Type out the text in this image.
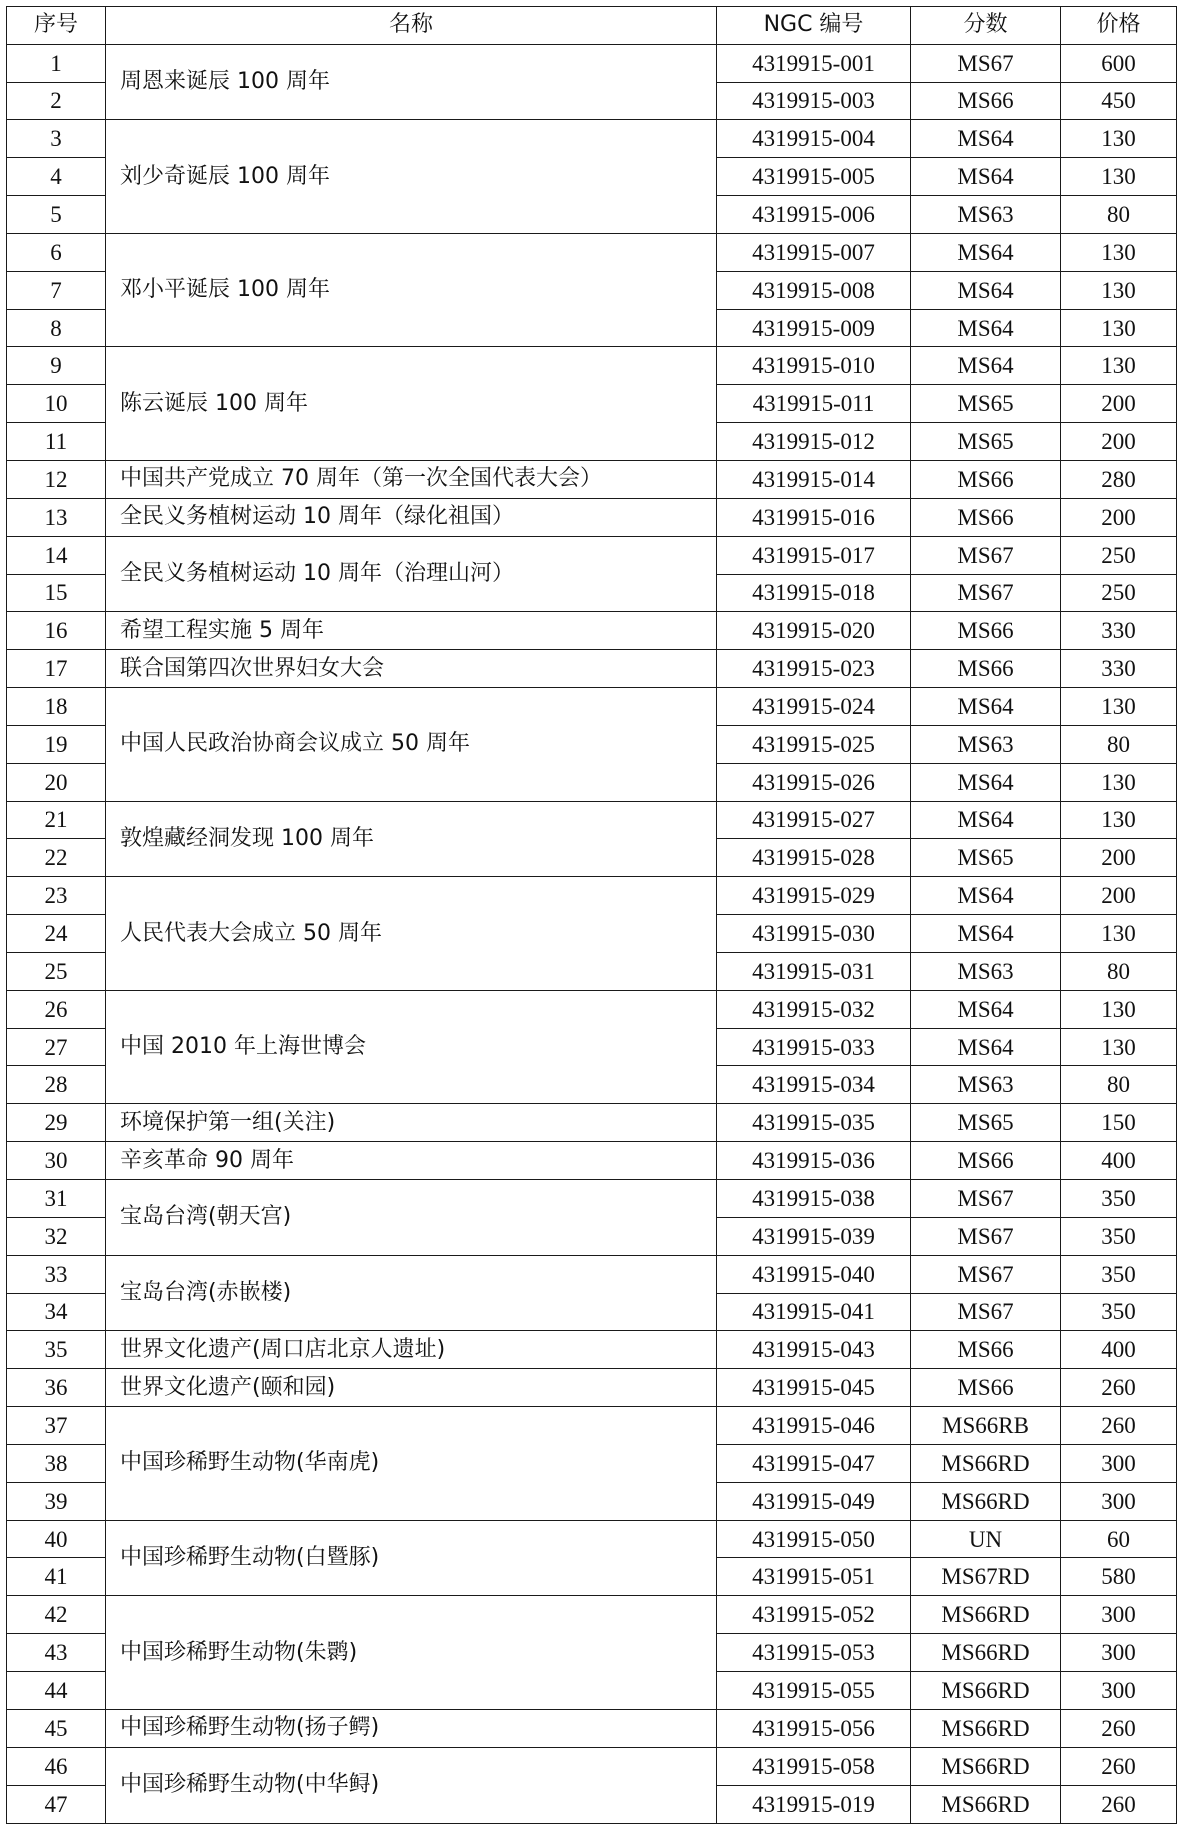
序号	名称	NGC 编号	分数	价格
1	周恩来诞辰 100 周年	4319915-001	MS67	600
2		4319915-003	MS66	450
3	刘少奇诞辰 100 周年	4319915-004	MS64	130
4		4319915-005	MS64	130
5		4319915-006	MS63	80
6	邓小平诞辰 100 周年	4319915-007	MS64	130
7		4319915-008	MS64	130
8		4319915-009	MS64	130
9	陈云诞辰 100 周年	4319915-010	MS64	130
10		4319915-011	MS65	200
11		4319915-012	MS65	200
12	中国共产党成立 70 周年（第一次全国代表大会）	4319915-014	MS66	280
13	全民义务植树运动 10 周年（绿化祖国）	4319915-016	MS66	200
14	全民义务植树运动 10 周年（治理山河）	4319915-017	MS67	250
15		4319915-018	MS67	250
16	希望工程实施 5 周年	4319915-020	MS66	330
17	联合国第四次世界妇女大会	4319915-023	MS66	330
18	中国人民政治协商会议成立 50 周年	4319915-024	MS64	130
19		4319915-025	MS63	80
20		4319915-026	MS64	130
21	敦煌藏经洞发现 100 周年	4319915-027	MS64	130
22		4319915-028	MS65	200
23	人民代表大会成立 50 周年	4319915-029	MS64	200
24		4319915-030	MS64	130
25		4319915-031	MS63	80
26	中国 2010 年上海世博会	4319915-032	MS64	130
27		4319915-033	MS64	130
28		4319915-034	MS63	80
29	环境保护第一组(关注)	4319915-035	MS65	150
30	辛亥革命 90 周年	4319915-036	MS66	400
31	宝岛台湾(朝天宫)	4319915-038	MS67	350
32		4319915-039	MS67	350
33	宝岛台湾(赤嵌楼)	4319915-040	MS67	350
34		4319915-041	MS67	350
35	世界文化遗产(周口店北京人遗址)	4319915-043	MS66	400
36	世界文化遗产(颐和园)	4319915-045	MS66	260
37	中国珍稀野生动物(华南虎)	4319915-046	MS66RB	260
38		4319915-047	MS66RD	300
39		4319915-049	MS66RD	300
40	中国珍稀野生动物(白暨豚)	4319915-050	UN	60
41		4319915-051	MS67RD	580
42	中国珍稀野生动物(朱鹮)	4319915-052	MS66RD	300
43		4319915-053	MS66RD	300
44		4319915-055	MS66RD	300
45	中国珍稀野生动物(扬子鳄)	4319915-056	MS66RD	260
46	中国珍稀野生动物(中华鲟)	4319915-058	MS66RD	260
47		4319915-019	MS66RD	260
